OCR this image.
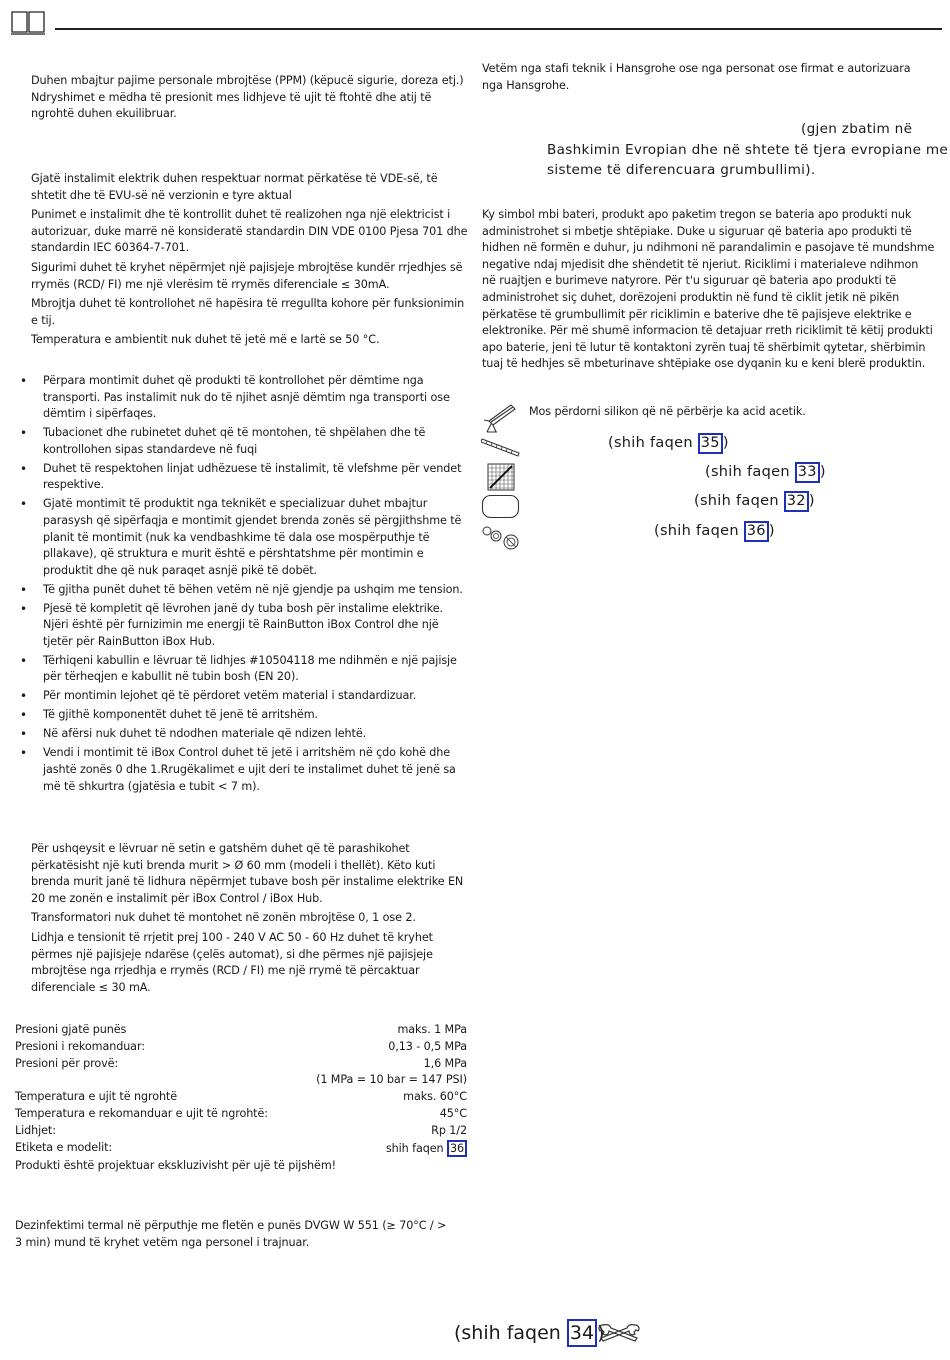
Duhen mbajtur pajime personale mbrojtëse (PPM) (këpucë sigurie, doreza etj.)

Ndryshimet e mëdha të presionit mes lidhjeve të ujit të ftohtë dhe atij të ngrohtë duhen ekuilibruar.

Gjatë instalimit elektrik duhen respektuar normat përkatëse të VDE-së, të shtetit dhe të EVU-së në verzionin e tyre aktual

Punimet e instalimit dhe të kontrollit duhet të realizohen nga një elektricist i autorizuar, duke marrë në konsideratë standardin DIN VDE 0100 Pjesa 701 dhe standardin IEC 60364-7-701.

Sigurimi duhet të kryhet nëpërmjet një pajisjeje mbrojtëse kundër rrjedhjes së rrymës (RCD/ FI) me një vlerësim të rrymës diferenciale ≤ 30mA.

Mbrojtja duhet të kontrollohet në hapësira të rregullta kohore për funksionimin e tij.

Temperatura e ambientit nuk duhet të jetë më e lartë se 50 °C.

• Përpara montimit duhet që produkti të kontrollohet për dëmtime nga transporti. Pas instalimit nuk do të njihet asnjë dëmtim nga transporti ose dëmtim i sipërfaqes.
• Tubacionet dhe rubinetet duhet që të montohen, të shpëlahen dhe të kontrollohen sipas standardeve në fuqi
• Duhet të respektohen linjat udhëzuese të instalimit, të vlefshme për vendet respektive.
• Gjatë montimit të produktit nga teknikët e specializuar duhet mbajtur parasysh që sipërfaqja e montimit gjendet brenda zonës së përgjithshme të planit të montimit (nuk ka vendbashkime të dala ose mospërputhje të pllakave), që struktura e murit është e përshtatshme për montimin e produktit dhe që nuk paraqet asnjë pikë të dobët.
• Të gjitha punët duhet të bëhen vetëm në një gjendje pa ushqim me tension.
• Pjesë të kompletit që lëvrohen janë dy tuba bosh për instalime elektrike. Njëri është për furnizimin me energji të RainButton iBox Control dhe një tjetër për RainButton iBox Hub.
• Tërhiqeni kabullin e lëvruar të lidhjes #10504118 me ndihmën e një pajisje për tërheqjen e kabullit në tubin bosh (EN 20).
• Për montimin lejohet që të përdoret vetëm material i standardizuar.
• Të gjithë komponentët duhet të jenë të arritshëm.
• Në afërsi nuk duhet të ndodhen materiale që ndizen lehtë.
• Vendi i montimit të iBox Control duhet të jetë i arritshëm në çdo kohë dhe jashtë zonës 0 dhe 1.Rrugëkalimet e ujit deri te instalimet duhet të jenë sa më të shkurtra (gjatësia e tubit < 7 m).

Për ushqeysit e lëvruar në setin e gatshëm duhet që të parashikohet përkatësisht një kuti brenda murit > Ø 60 mm (modeli i thellët). Këto kuti brenda murit janë të lidhura nëpërmjet tubave bosh për instalime elektrike EN 20 me zonën e instalimit për iBox Control / iBox Hub.

Transformatori nuk duhet të montohet në zonën mbrojtëse 0, 1 ose 2.

Lidhja e tensionit të rrjetit prej 100 - 240 V AC 50 - 60 Hz duhet të kryhet përmes një pajisjeje ndarëse (çelës automat), si dhe përmes një pajisjeje mbrojtëse nga rrjedhja e rrymës (RCD / FI) me një rrymë të përcaktuar diferenciale ≤ 30 mA.

Presioni gjatë punës	maks. 1 MPa
Presioni i rekomanduar:	0,13 - 0,5 MPa
Presioni për provë:	1,6 MPa
(1 MPa = 10 bar = 147 PSI)
Temperatura e ujit të ngrohtë	maks. 60°C
Temperatura e rekomanduar e ujit të ngrohtë:	45°C
Lidhjet:	Rp 1/2
Etiketa e modelit:	shih faqen 36

Produkti është projektuar ekskluzivisht për ujë të pijshëm!

Dezinfektimi termal në përputhje me fletën e punës DVGW W 551 (≥ 70°C / > 3 min) mund të kryhet vetëm nga personel i trajnuar.
Vetëm nga stafi teknik i Hansgrohe ose nga personat ose firmat e autorizuara nga Hansgrohe.
(gjen zbatim në
Bashkimin Evropian dhe në shtete të tjera evropiane me
sisteme të diferencuara grumbullimi).
Ky simbol mbi bateri, produkt apo paketim tregon se bateria apo produkti nuk administrohet si mbetje shtëpiake. Duke u siguruar që bateria apo produkti të hidhen në formën e duhur, ju ndihmoni në parandalimin e pasojave të mundshme negative ndaj mjedisit dhe shëndetit të njeriut. Riciklimi i materialeve ndihmon në ruajtjen e burimeve natyrore. Për t'u siguruar që bateria apo produkti të administrohet siç duhet, dorëzojeni produktin në fund të ciklit jetik në pikën përkatëse të grumbullimit për riciklimin e baterive dhe të pajisjeve elektrike e elektronike. Për më shumë informacion të detajuar rreth riciklimit të këtij produkti apo baterie, jeni të lutur të kontaktoni zyrën tuaj të shërbimit qytetar, shërbimin tuaj të hedhjes së mbeturinave shtëpiake ose dyqanin ku e keni blerë produktin.
Mos përdorni silikon që në përbërje ka acid acetik.
(shih faqen 35 )
(shih faqen 33 )
(shih faqen 32 )
(shih faqen 36 )
(shih faqen 34 )
